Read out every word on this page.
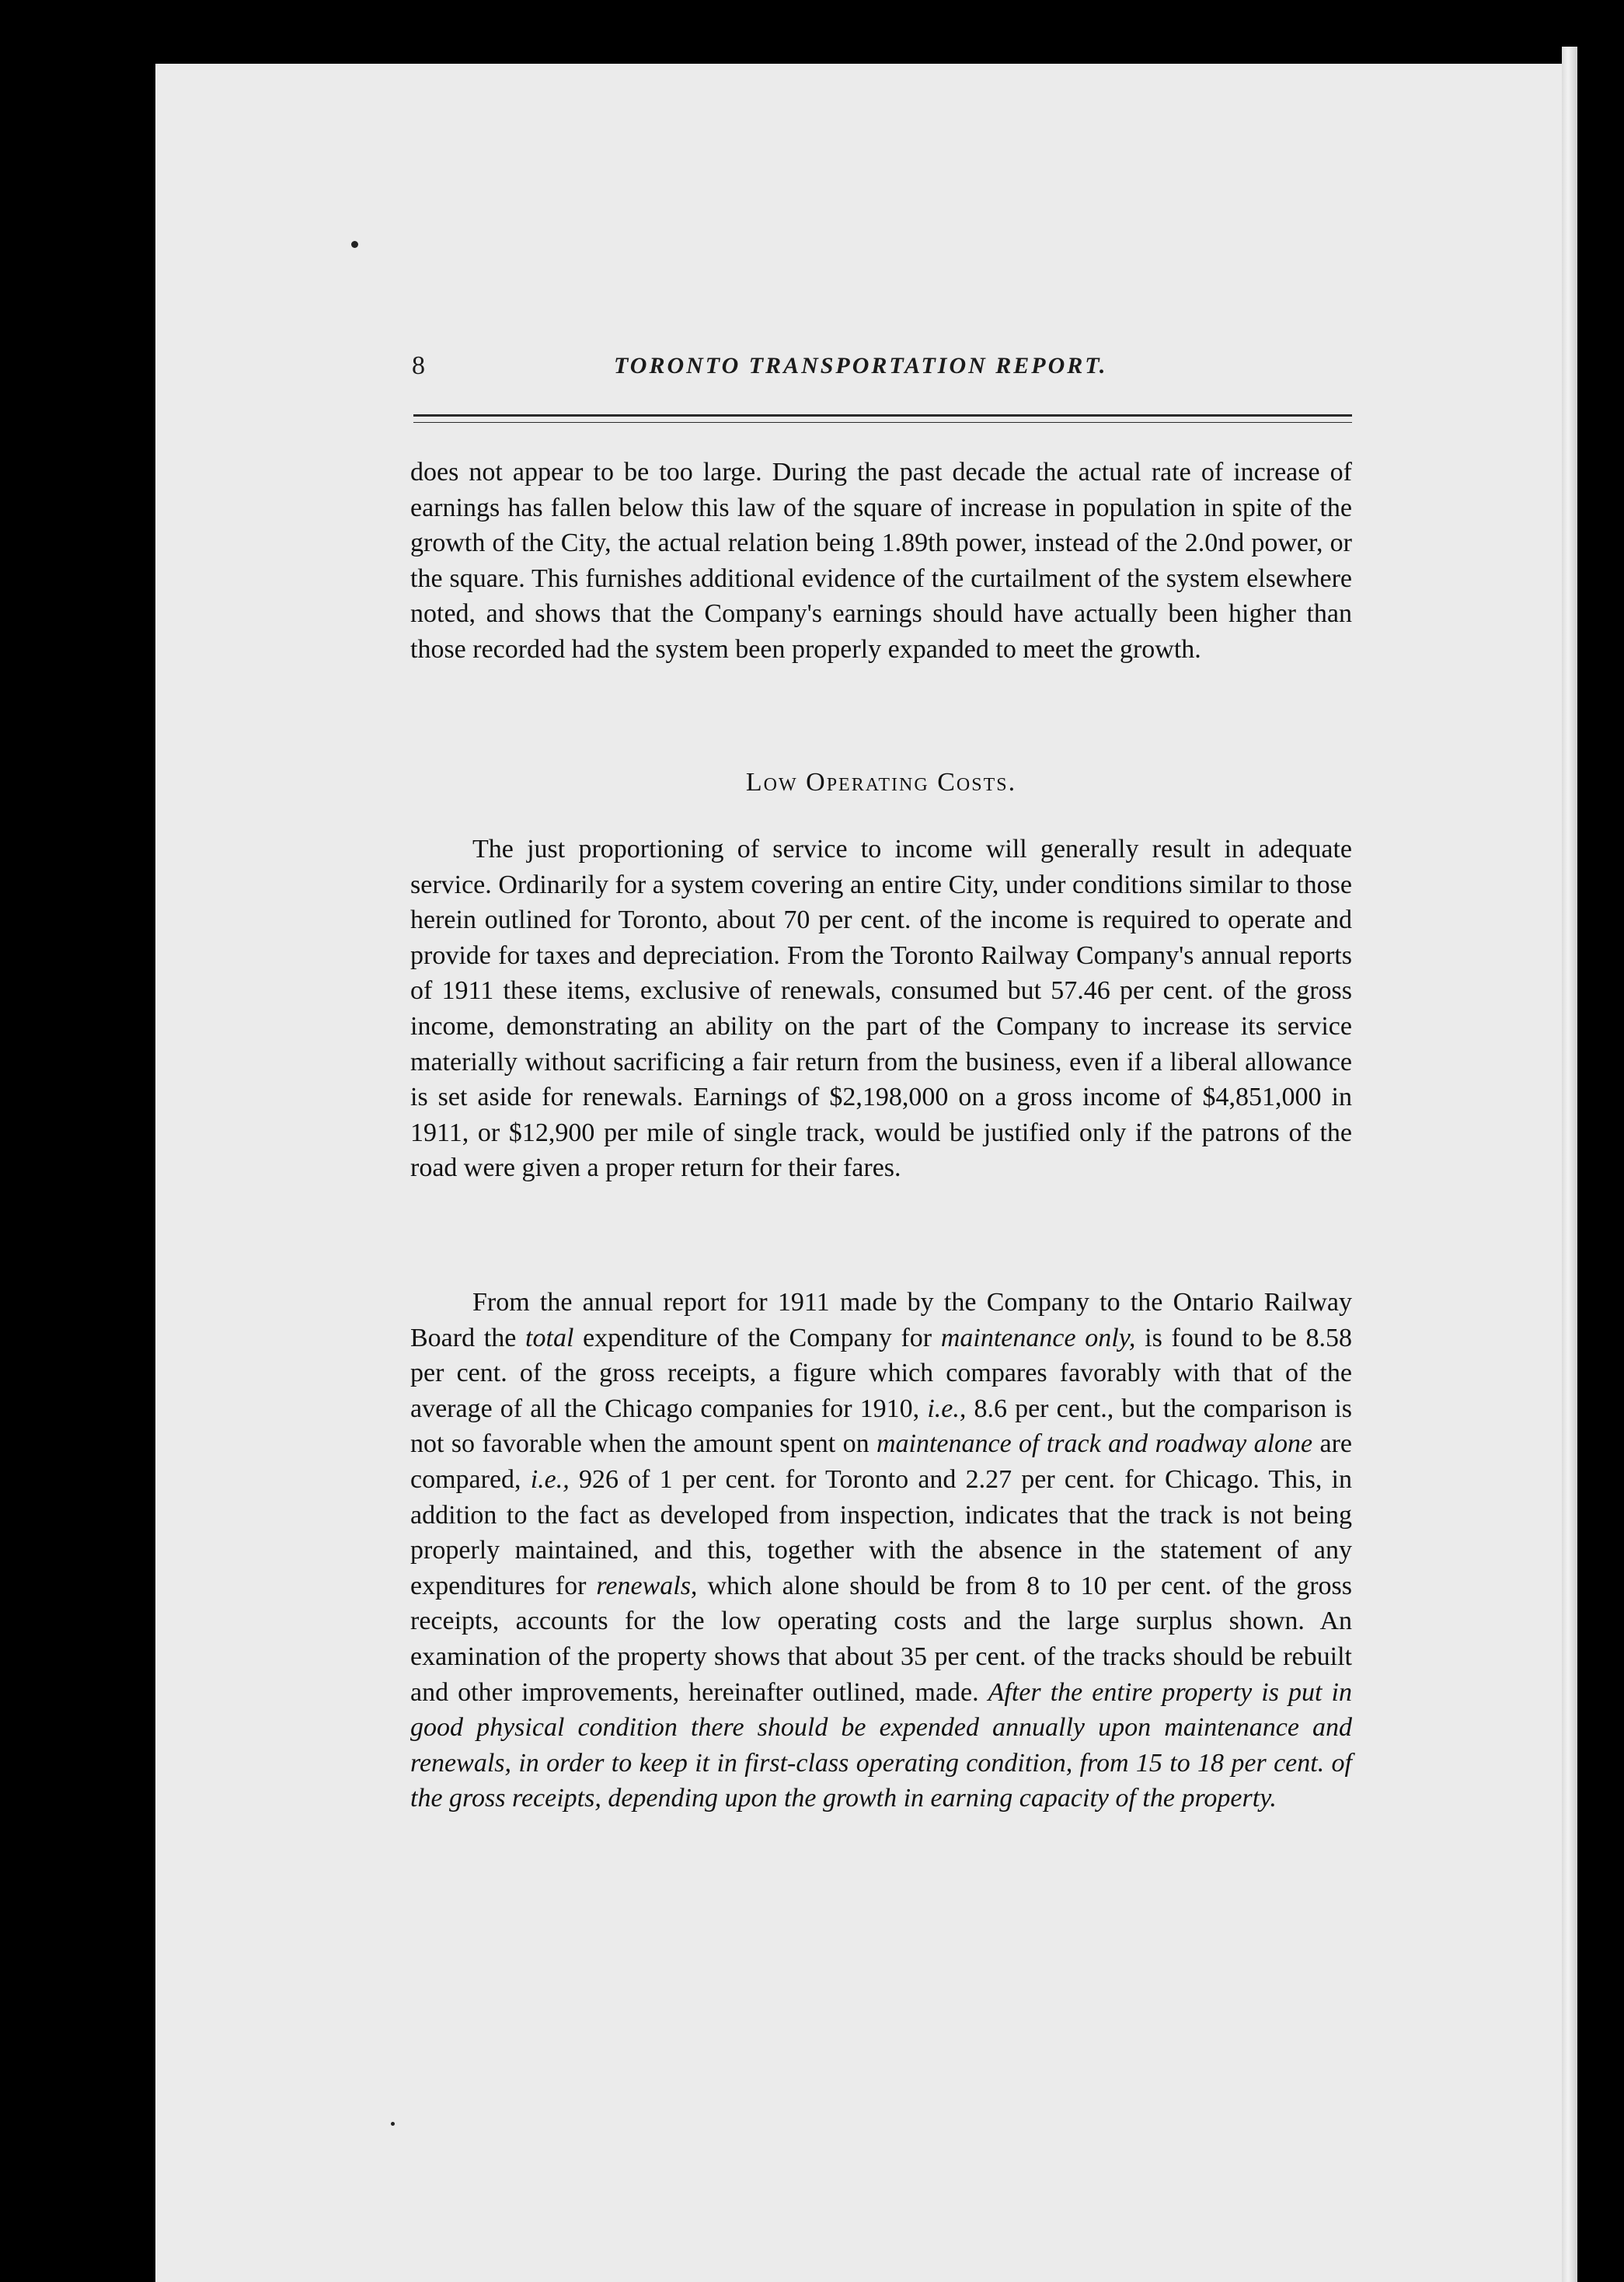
8	TORONTO TRANSPORTATION REPORT.
does not appear to be too large. During the past decade the actual rate of increase of earnings has fallen below this law of the square of increase in population in spite of the growth of the City, the actual relation being 1.89th power, instead of the 2.0nd power, or the square. This furnishes additional evidence of the curtailment of the system elsewhere noted, and shows that the Company's earnings should have actually been higher than those recorded had the system been properly expanded to meet the growth.
Low Operating Costs.
The just proportioning of service to income will generally result in adequate service. Ordinarily for a system covering an entire City, under conditions similar to those herein outlined for Toronto, about 70 per cent. of the income is required to operate and provide for taxes and depreciation. From the Toronto Railway Company's annual reports of 1911 these items, exclusive of renewals, consumed but 57.46 per cent. of the gross income, demonstrating an ability on the part of the Company to increase its service materially without sacrificing a fair return from the business, even if a liberal allowance is set aside for renewals. Earnings of $2,198,000 on a gross income of $4,851,000 in 1911, or $12,900 per mile of single track, would be justified only if the patrons of the road were given a proper return for their fares.
From the annual report for 1911 made by the Company to the Ontario Railway Board the total expenditure of the Company for maintenance only, is found to be 8.58 per cent. of the gross receipts, a figure which compares favorably with that of the average of all the Chicago companies for 1910, i.e., 8.6 per cent., but the comparison is not so favorable when the amount spent on maintenance of track and roadway alone are compared, i.e., 926 of 1 per cent. for Toronto and 2.27 per cent. for Chicago. This, in addition to the fact as developed from inspection, indicates that the track is not being properly maintained, and this, together with the absence in the statement of any expenditures for renewals, which alone should be from 8 to 10 per cent. of the gross receipts, accounts for the low operating costs and the large surplus shown. An examination of the property shows that about 35 per cent. of the tracks should be rebuilt and other improvements, hereinafter outlined, made. After the entire property is put in good physical condition there should be expended annually upon maintenance and renewals, in order to keep it in first-class operating condition, from 15 to 18 per cent. of the gross receipts, depending upon the growth in earning capacity of the property.
